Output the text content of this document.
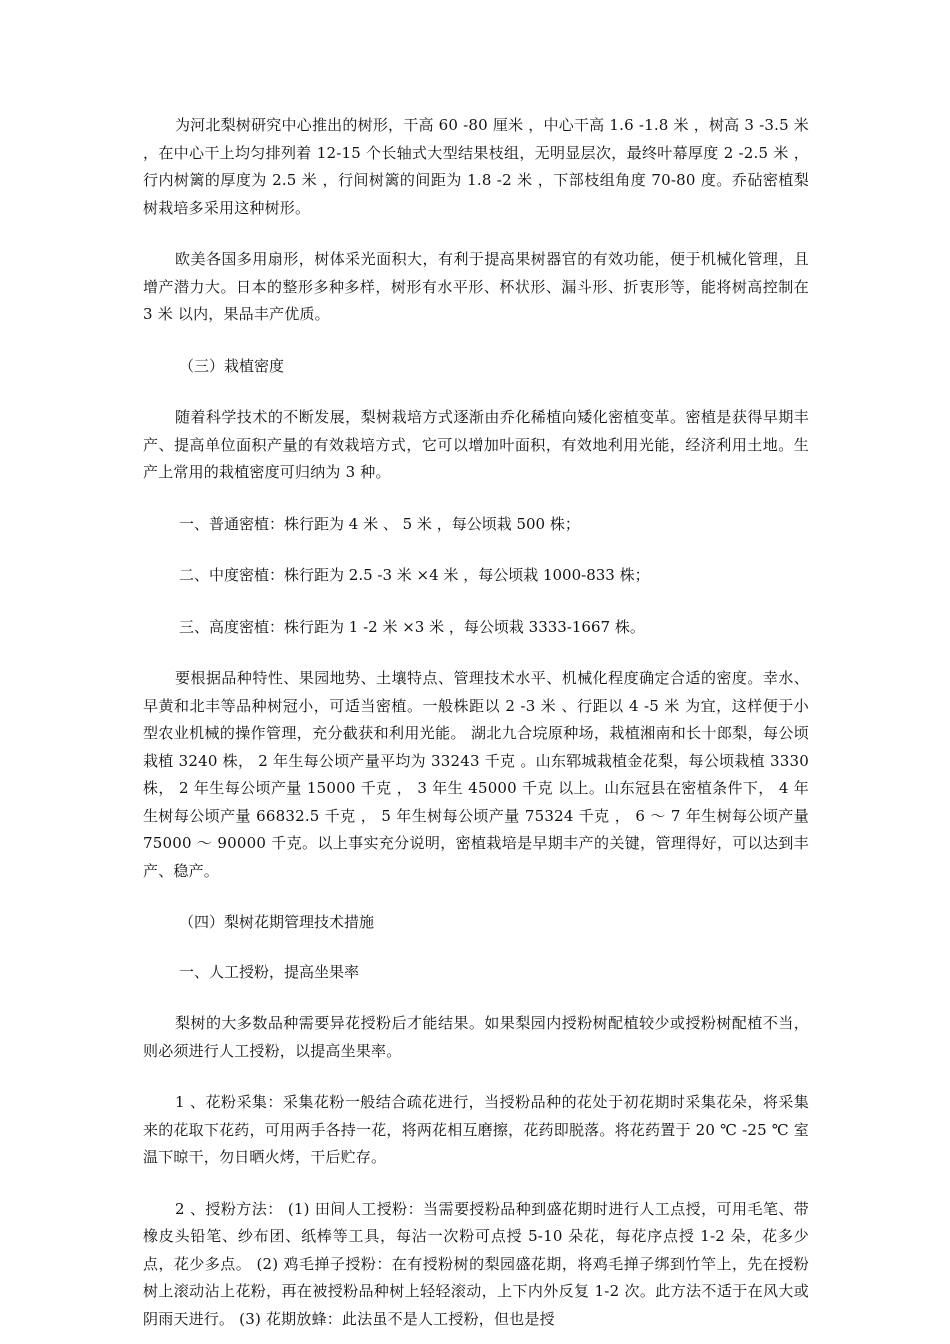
为河北梨树研究中心推出的树形，干高 60 -80 厘米 ，中心干高 1.6 -1.8 米 ，树高 3 -3.5 米 ，在中心干上均匀排列着 12-15 个长轴式大型结果枝组，无明显层次，最终叶幕厚度 2 -2.5 米 ，行内树篱的厚度为 2.5 米 ，行间树篱的间距为 1.8 -2 米 ，下部枝组角度 70-80 度。乔砧密植梨树栽培多采用这种树形。

欧美各国多用扇形，树体采光面积大，有利于提高果树器官的有效功能，便于机械化管理，且增产潜力大。日本的整形多种多样，树形有水平形、杯状形、漏斗形、折衷形等，能将树高控制在 3 米 以内，果品丰产优质。

（三）栽植密度

随着科学技术的不断发展，梨树栽培方式逐渐由乔化稀植向矮化密植变革。密植是获得早期丰产、提高单位面积产量的有效栽培方式，它可以增加叶面积，有效地利用光能，经济利用土地。生产上常用的栽植密度可归纳为 3 种。

一、普通密植：株行距为 4 米 、 5 米 ，每公顷栽 500 株；

二、中度密植：株行距为 2.5 -3 米 ×4 米 ，每公顷栽 1000-833 株；

三、高度密植：株行距为 1 -2 米 ×3 米 ，每公顷栽 3333-1667 株。

要根据品种特性、果园地势、土壤特点、管理技术水平、机械化程度确定合适的密度。幸水、早黄和北丰等品种树冠小，可适当密植。一般株距以 2 -3 米 、行距以 4 -5 米 为宜，这样便于小型农业机械的操作管理，充分截获和利用光能。 湖北九合垸原种场，栽植湘南和长十郎梨，每公顷栽植 3240 株， 2 年生每公顷产量平均为 33243 千克 。山东郓城栽植金花梨，每公顷栽植 3330 株， 2 年生每公顷产量 15000 千克 ， 3 年生 45000 千克 以上。山东冠县在密植条件下， 4 年生树每公顷产量 66832.5 千克 ， 5 年生树每公顷产量 75324 千克 ， 6 ～ 7 年生树每公顷产量 75000 ～ 90000 千克。以上事实充分说明，密植栽培是早期丰产的关键，管理得好，可以达到丰产、稳产。

（四）梨树花期管理技术措施

一、人工授粉，提高坐果率

梨树的大多数品种需要异花授粉后才能结果。如果梨园内授粉树配植较少或授粉树配植不当，则必须进行人工授粉，以提高坐果率。

1 、花粉采集：采集花粉一般结合疏花进行，当授粉品种的花处于初花期时采集花朵，将采集来的花取下花药，可用两手各持一花，将两花相互磨擦，花药即脱落。将花药置于 20 ℃ -25 ℃ 室温下晾干，勿日晒火烤，干后贮存。

2 、授粉方法： (1) 田间人工授粉：当需要授粉品种到盛花期时进行人工点授，可用毛笔、带橡皮头铅笔、纱布团、纸棒等工具，每沾一次粉可点授 5-10 朵花，每花序点授 1-2 朵，花多少点，花少多点。 (2) 鸡毛掸子授粉：在有授粉树的梨园盛花期，将鸡毛掸子绑到竹竿上，先在授粉树上滚动沾上花粉，再在被授粉品种树上轻轻滚动，上下内外反复 1-2 次。此方法不适于在风大或阴雨天进行。 (3) 花期放蜂：此法虽不是人工授粉，但也是授
